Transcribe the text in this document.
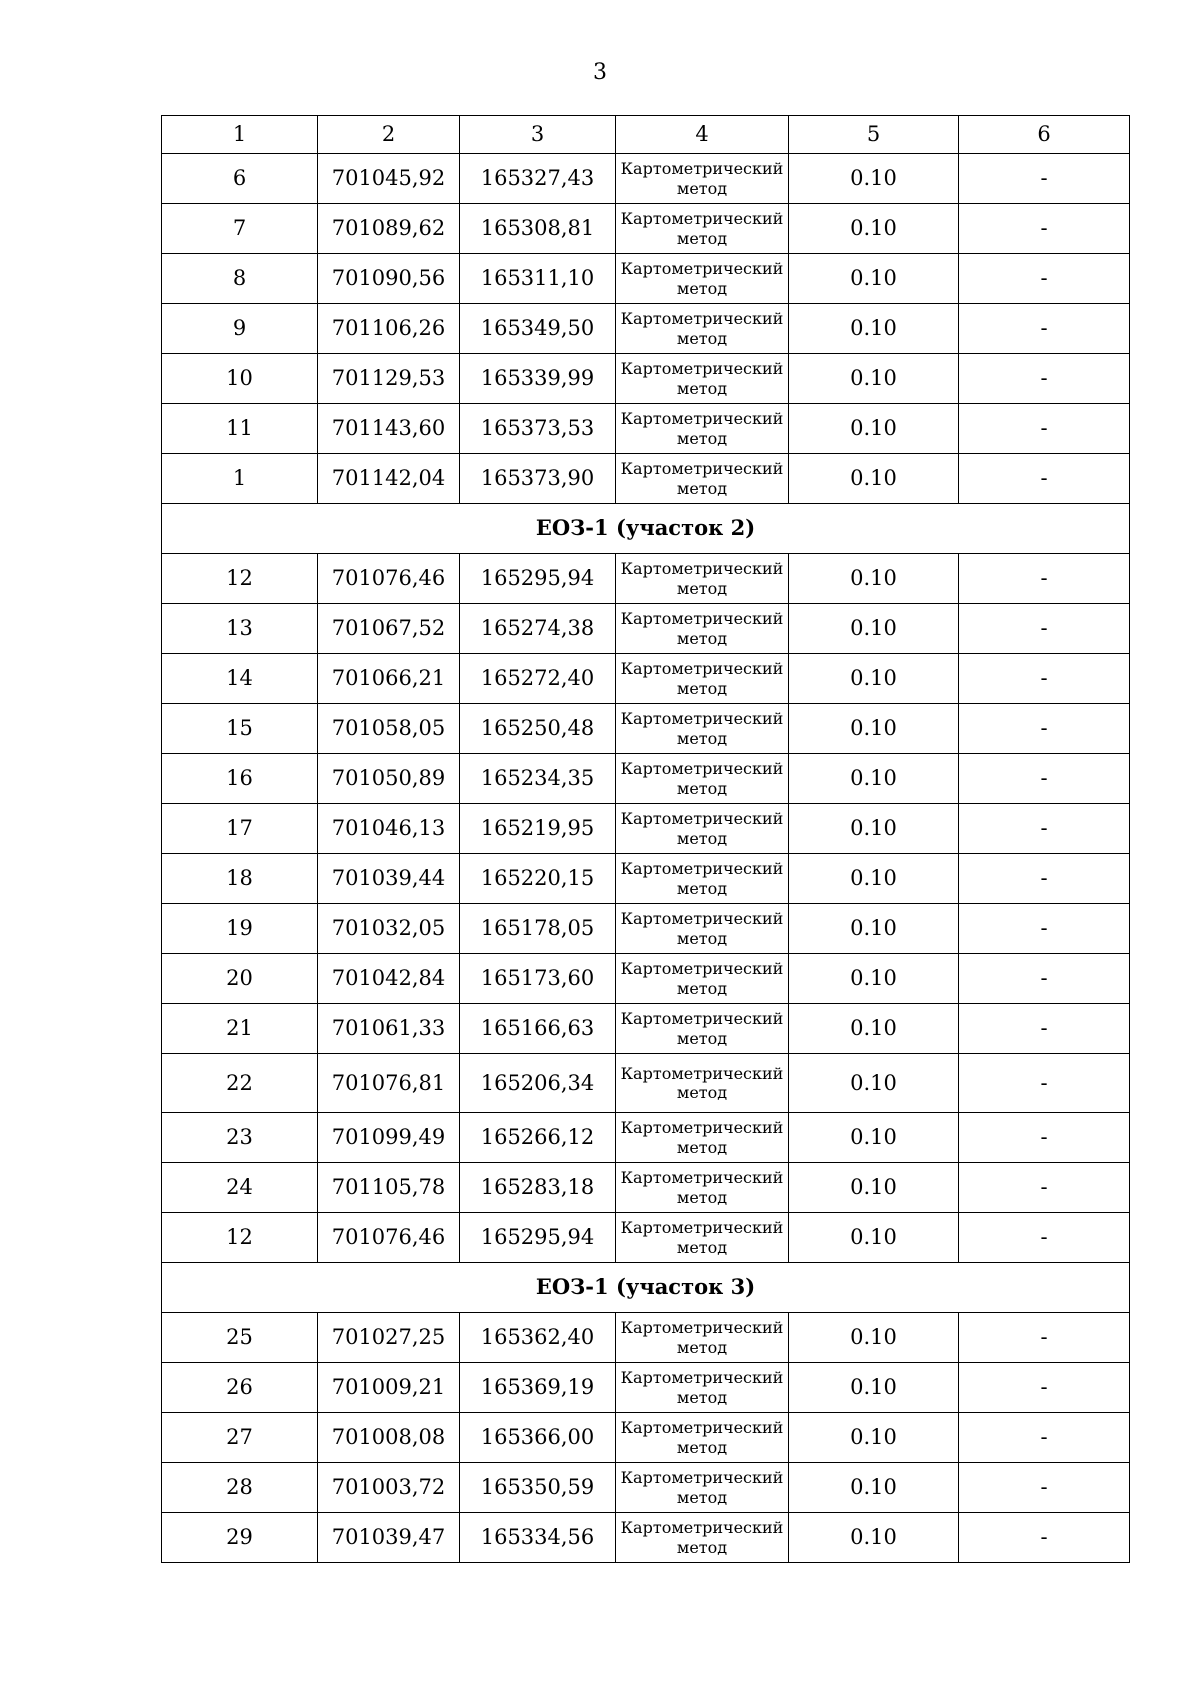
3
1	2	3	4	5	6
6	701045,92	165327,43	Картометрический метод	0.10	-
7	701089,62	165308,81	Картометрический метод	0.10	-
8	701090,56	165311,10	Картометрический метод	0.10	-
9	701106,26	165349,50	Картометрический метод	0.10	-
10	701129,53	165339,99	Картометрический метод	0.10	-
11	701143,60	165373,53	Картометрический метод	0.10	-
1	701142,04	165373,90	Картометрический метод	0.10	-
ЕОЗ-1 (участок 2)					
12	701076,46	165295,94	Картометрический метод	0.10	-
13	701067,52	165274,38	Картометрический метод	0.10	-
14	701066,21	165272,40	Картометрический метод	0.10	-
15	701058,05	165250,48	Картометрический метод	0.10	-
16	701050,89	165234,35	Картометрический метод	0.10	-
17	701046,13	165219,95	Картометрический метод	0.10	-
18	701039,44	165220,15	Картометрический метод	0.10	-
19	701032,05	165178,05	Картометрический метод	0.10	-
20	701042,84	165173,60	Картометрический метод	0.10	-
21	701061,33	165166,63	Картометрический метод	0.10	-
22	701076,81	165206,34	Картометрический метод	0.10	-
23	701099,49	165266,12	Картометрический метод	0.10	-
24	701105,78	165283,18	Картометрический метод	0.10	-
12	701076,46	165295,94	Картометрический метод	0.10	-
ЕОЗ-1 (участок 3)					
25	701027,25	165362,40	Картометрический метод	0.10	-
26	701009,21	165369,19	Картометрический метод	0.10	-
27	701008,08	165366,00	Картометрический метод	0.10	-
28	701003,72	165350,59	Картометрический метод	0.10	-
29	701039,47	165334,56	Картометрический метод	0.10	-
